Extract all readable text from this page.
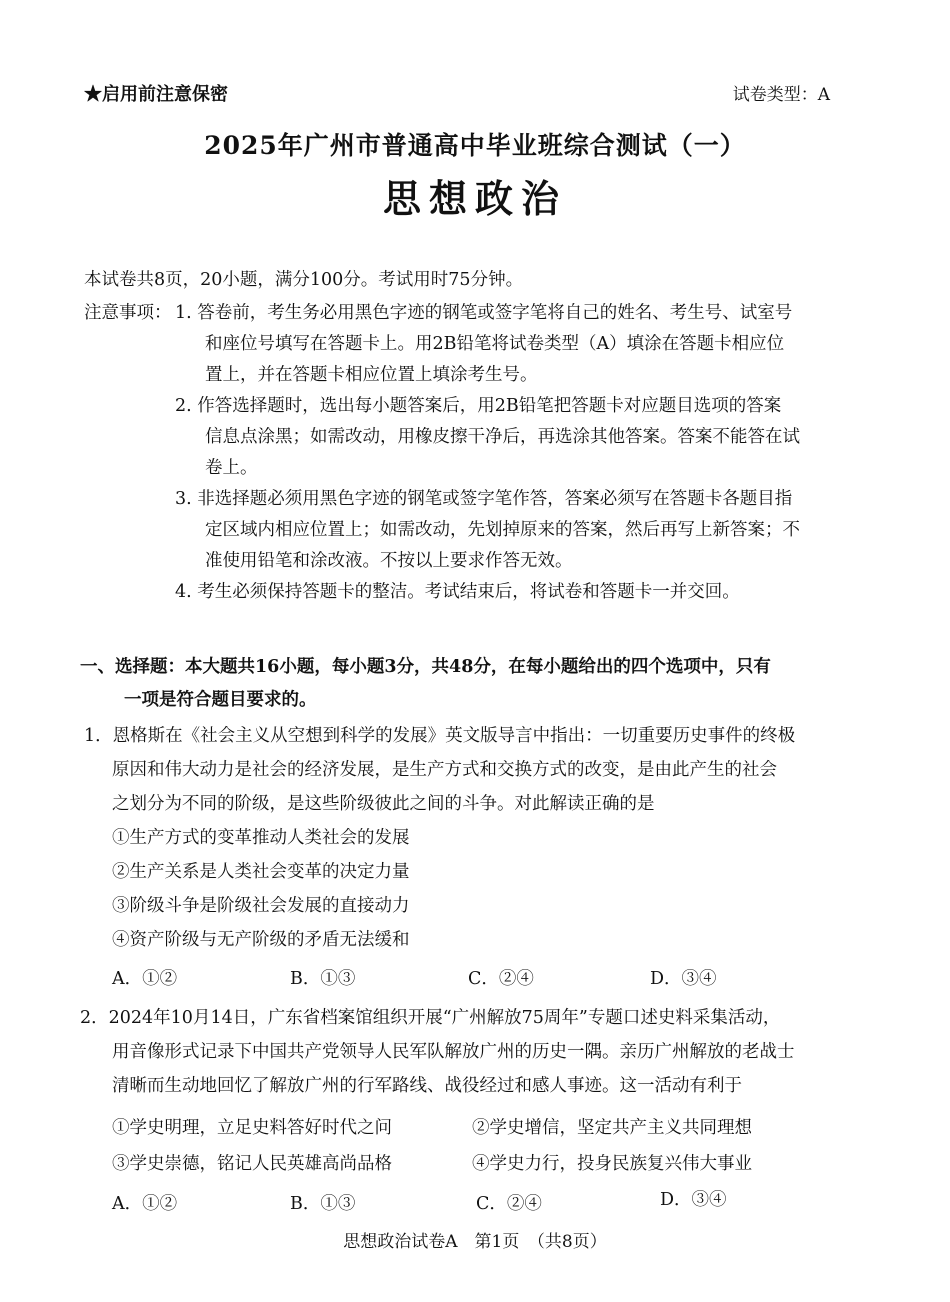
★启用前注意保密	试卷类型：A
2025年广州市普通高中毕业班综合测试（一）
思想政治
本试卷共8页，20小题，满分100分。考试用时75分钟。
注意事项： 1. 答卷前，考生务必用黑色字迹的钢笔或签字笔将自己的姓名、考生号、试室号
和座位号填写在答题卡上。用2B铅笔将试卷类型（A）填涂在答题卡相应位
置上，并在答题卡相应位置上填涂考生号。
2. 作答选择题时，选出每小题答案后，用2B铅笔把答题卡对应题目选项的答案
信息点涂黑；如需改动，用橡皮擦干净后，再选涂其他答案。答案不能答在试
卷上。
3. 非选择题必须用黑色字迹的钢笔或签字笔作答，答案必须写在答题卡各题目指
定区域内相应位置上；如需改动，先划掉原来的答案，然后再写上新答案；不
准使用铅笔和涂改液。不按以上要求作答无效。
4. 考生必须保持答题卡的整洁。考试结束后，将试卷和答题卡一并交回。
一、选择题：本大题共16小题，每小题3分，共48分，在每小题给出的四个选项中，只有
一项是符合题目要求的。
1．恩格斯在《社会主义从空想到科学的发展》英文版导言中指出：一切重要历史事件的终极
原因和伟大动力是社会的经济发展，是生产方式和交换方式的改变，是由此产生的社会
之划分为不同的阶级，是这些阶级彼此之间的斗争。对此解读正确的是
①生产方式的变革推动人类社会的发展
②生产关系是人类社会变革的决定力量
③阶级斗争是阶级社会发展的直接动力
④资产阶级与无产阶级的矛盾无法缓和
A．①②	B．①③	C．②④	D．③④
2．2024年10月14日，广东省档案馆组织开展“广州解放75周年”专题口述史料采集活动，
用音像形式记录下中国共产党领导人民军队解放广州的历史一隅。亲历广州解放的老战士
清晰而生动地回忆了解放广州的行军路线、战役经过和感人事迹。这一活动有利于
①学史明理，立足史料答好时代之问	②学史增信，坚定共产主义共同理想
③学史崇德，铭记人民英雄高尚品格	④学史力行，投身民族复兴伟大事业
A．①②	B．①③	C．②④	D．③④
思想政治试卷A　第1页　（共8页）
